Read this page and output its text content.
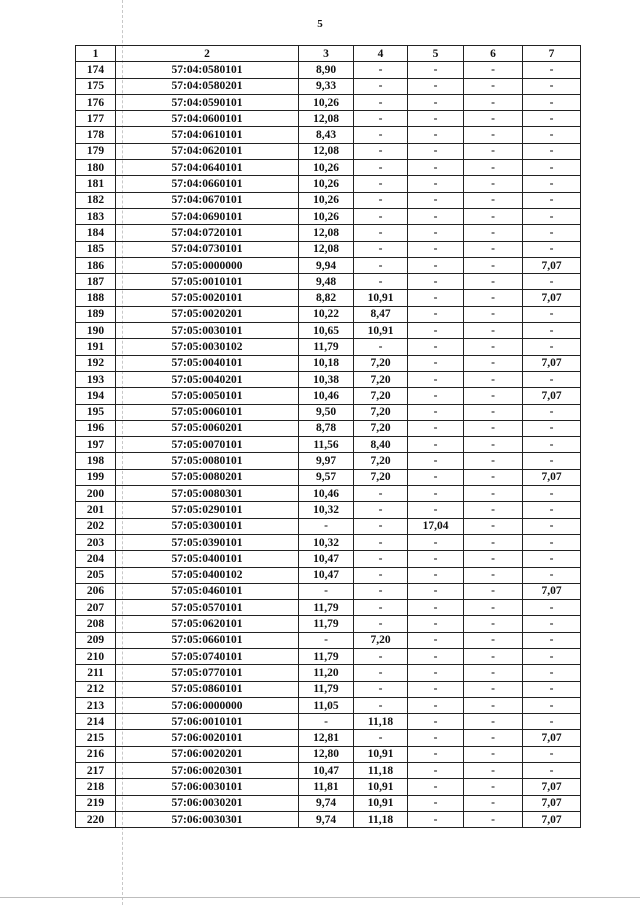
5
1	2	3	4	5	6	7
174	57:04:0580101	8,90	-	-	-	-
175	57:04:0580201	9,33	-	-	-	-
176	57:04:0590101	10,26	-	-	-	-
177	57:04:0600101	12,08	-	-	-	-
178	57:04:0610101	8,43	-	-	-	-
179	57:04:0620101	12,08	-	-	-	-
180	57:04:0640101	10,26	-	-	-	-
181	57:04:0660101	10,26	-	-	-	-
182	57:04:0670101	10,26	-	-	-	-
183	57:04:0690101	10,26	-	-	-	-
184	57:04:0720101	12,08	-	-	-	-
185	57:04:0730101	12,08	-	-	-	-
186	57:05:0000000	9,94	-	-	-	7,07
187	57:05:0010101	9,48	-	-	-	-
188	57:05:0020101	8,82	10,91	-	-	7,07
189	57:05:0020201	10,22	8,47	-	-	-
190	57:05:0030101	10,65	10,91	-	-	-
191	57:05:0030102	11,79	-	-	-	-
192	57:05:0040101	10,18	7,20	-	-	7,07
193	57:05:0040201	10,38	7,20	-	-	-
194	57:05:0050101	10,46	7,20	-	-	7,07
195	57:05:0060101	9,50	7,20	-	-	-
196	57:05:0060201	8,78	7,20	-	-	-
197	57:05:0070101	11,56	8,40	-	-	-
198	57:05:0080101	9,97	7,20	-	-	-
199	57:05:0080201	9,57	7,20	-	-	7,07
200	57:05:0080301	10,46	-	-	-	-
201	57:05:0290101	10,32	-	-	-	-
202	57:05:0300101	-	-	17,04	-	-
203	57:05:0390101	10,32	-	-	-	-
204	57:05:0400101	10,47	-	-	-	-
205	57:05:0400102	10,47	-	-	-	-
206	57:05:0460101	-	-	-	-	7,07
207	57:05:0570101	11,79	-	-	-	-
208	57:05:0620101	11,79	-	-	-	-
209	57:05:0660101	-	7,20	-	-	-
210	57:05:0740101	11,79	-	-	-	-
211	57:05:0770101	11,20	-	-	-	-
212	57:05:0860101	11,79	-	-	-	-
213	57:06:0000000	11,05	-	-	-	-
214	57:06:0010101	-	11,18	-	-	-
215	57:06:0020101	12,81	-	-	-	7,07
216	57:06:0020201	12,80	10,91	-	-	-
217	57:06:0020301	10,47	11,18	-	-	-
218	57:06:0030101	11,81	10,91	-	-	7,07
219	57:06:0030201	9,74	10,91	-	-	7,07
220	57:06:0030301	9,74	11,18	-	-	7,07
